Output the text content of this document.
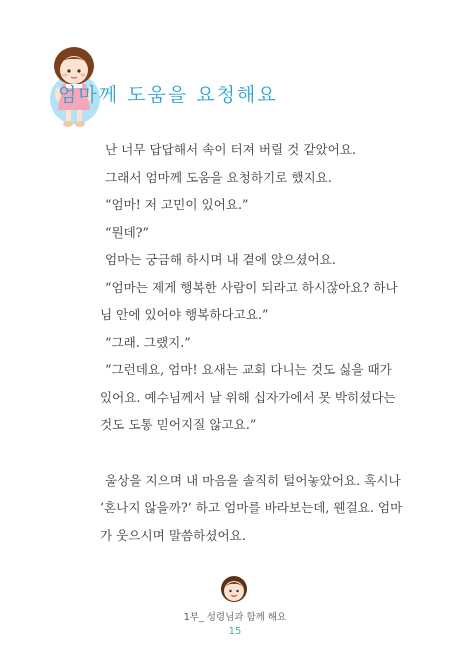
엄마께 도움을 요청해요

난 너무 답답해서 속이 터져 버릴 것 같았어요.

그래서 엄마께 도움을 요청하기로 했지요.

“엄마! 저 고민이 있어요.”

“뭔데?”

엄마는 궁금해 하시며 내 곁에 앉으셨어요.

“엄마는 제게 행복한 사람이 되라고 하시잖아요? 하나

님 안에 있어야 행복하다고요.”

“그래. 그랬지.”

“그런데요, 엄마! 요새는 교회 다니는 것도 싫을 때가

있어요. 예수님께서 날 위해 십자가에서 못 박히셨다는

것도 도통 믿어지질 않고요.”

울상을 지으며 내 마음을 솔직히 털어놓았어요. 혹시나

‘혼나지 않을까?’ 하고 엄마를 바라보는데, 웬걸요. 엄마

가 웃으시며 말씀하셨어요.

1부_ 성령님과 함께 해요
15
